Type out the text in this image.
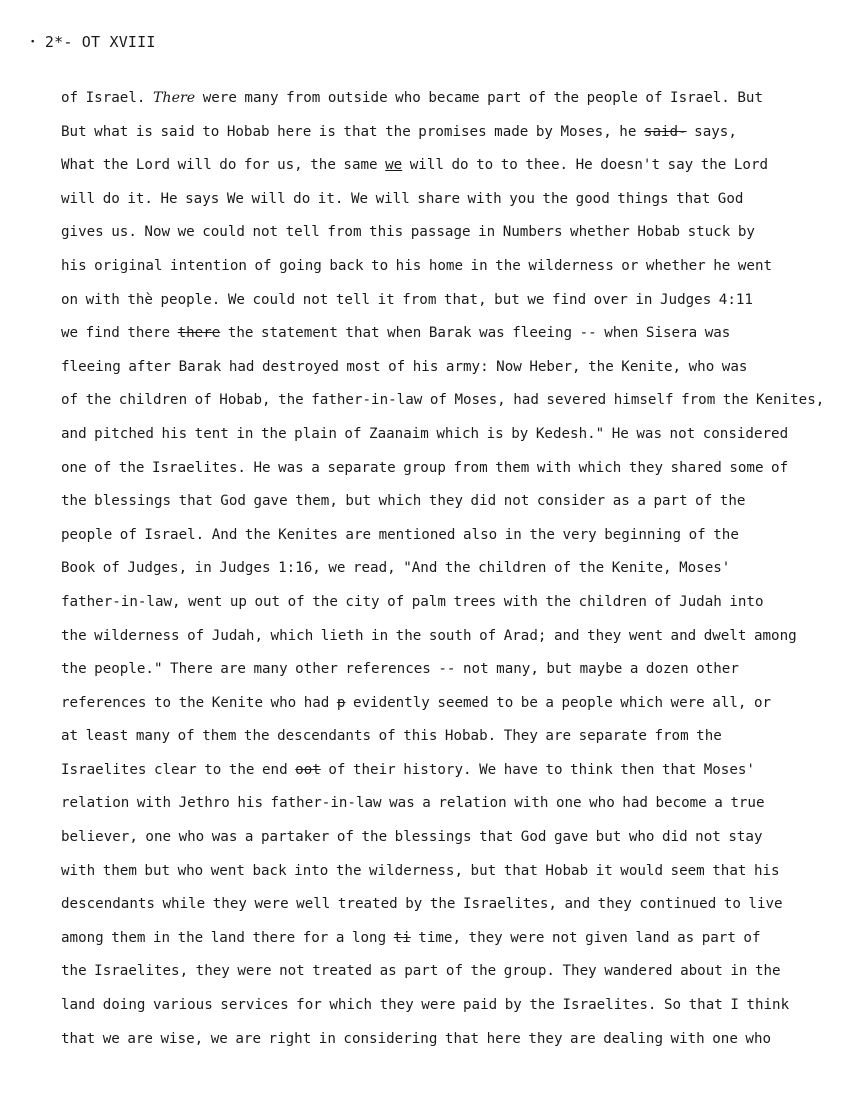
• 2*- OT XVIII
of Israel. There were many from outside who became part of the people of Israel. But
But what is said to Hobab here is that the promises made by Moses, he said- says,
What the Lord will do for us, the same we will do to to thee. He doesn't say the Lord
will do it. He says We will do it. We will share with you the good things that God
gives us. Now we could not tell from this passage in Numbers whether Hobab stuck by
his original intention of going back to his home in the wilderness or whether he went
on with thè people. We could not tell it from that, but we find over in Judges 4:11
we find there there the statement that when Barak was fleeing -- when Sisera was
fleeing after Barak had destroyed most of his army: Now Heber, the Kenite, who was
of the children of Hobab, the father-in-law of Moses, had severed himself from the Kenites,
and pitched his tent in the plain of Zaanaim which is by Kedesh." He was not considered
one of the Israelites. He was a separate group from them with which they shared some of
the blessings that God gave them, but which they did not consider as a part of the
people of Israel. And the Kenites are mentioned also in the very beginning of the
Book of Judges, in Judges 1:16, we read, "And the children of the Kenite, Moses'
father-in-law, went up out of the city of palm trees with the children of Judah into
the wilderness of Judah, which lieth in the south of Arad; and they went and dwelt among
the people." There are many other references -- not many, but maybe a dozen other
references to the Kenite who had p evidently seemed to be a people which were all, or
at least many of them the descendants of this Hobab. They are separate from the
Israelites clear to the end oot of their history. We have to think then that Moses'
relation with Jethro his father-in-law was a relation with one who had become a true
believer, one who was a partaker of the blessings that God gave but who did not stay
with them but who went back into the wilderness, but that Hobab it would seem that his
descendants while they were well treated by the Israelites, and they continued to live
among them in the land there for a long ti time, they were not given land as part of
the Israelites, they were not treated as part of the group. They wandered about in the
land doing various services for which they were paid by the Israelites. So that I think
that we are wise, we are right in considering that here they are dealing with one who
